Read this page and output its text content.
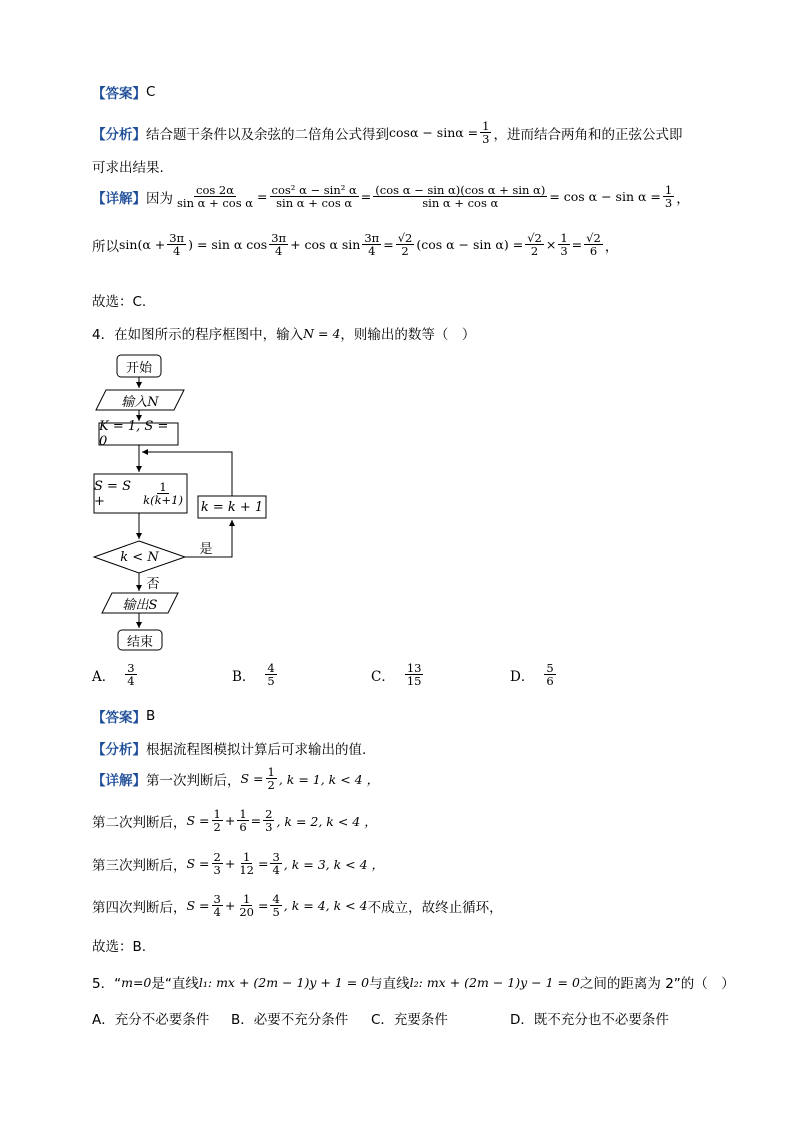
【答案】 C
【分析】 结合题干条件以及余弦的二倍角公式得到 $\cos\alpha - \sin\alpha = \frac{1}{3}$ ，进而结合两角和的正弦公式即
可求出结果.
【详解】 因为 $\frac{\cos 2\alpha}{\text{sin α + cos α}} = \frac{\text{cos² α − sin² α}}{\text{sin α + cos α}} = \frac{\text{(cos α − sin α)(cos α + sin α)}}{\text{sin α + cos α}} = \cos \alpha - \sin \alpha = \frac{1}{3}$ ，
所以 $\sin(\alpha + \frac{3\pi}{4}$ ) = sin α $\cos \frac{3\pi}{4} + \cos \alpha$ $\sin \frac{3\pi}{4} = \frac{√2}{2} (\cos$ $\alpha - \sin \alpha) = \frac{√2}{2} \times \frac{1}{3} = \frac{√2}{6}$ ，
故选：C.
4．在如图所示的程序框图中，输入 N = 4 ，则输出的数等（　）
开始
输入N
K = 1, S = 0
S = S +	$\frac{1}{k(k+1)}$
k < N
是
否
k = k + 1
输出S
结束
A． $\frac{3}{4}$	B． $\frac{4}{5}$	C． $\frac{13}{15}$	D． $\frac{5}{6}$
【答案】 B
【分析】 根据流程图模拟计算后可求输出的值.
【详解】 第一次判断后， $S = \frac{1}{2}$ , k = 1, k < 4 ，
第二次判断后， $S = \frac{1}{2} + \frac{1}{6} = \frac{2}{3}$ , k = 2, k < 4 ，
第三次判断后， $S = \frac{2}{3} + \frac{1}{12} = \frac{3}{4}$ , k = 3, k < 4 ，
第四次判断后， $S = \frac{3}{4} + \frac{1}{20} = \frac{4}{5}$ , k = 4, k < 4 不成立，故终止循环，
故选：B.
5．“ m=0 是“直线 l₁: mx + (2m − 1)y + 1 = 0 与直线 l₂: mx + (2m − 1)y − 1 = 0 之间的距离为 2”的（　）
A．充分不必要条件 B．必要不充分条件 C．充要条件	D．既不充分也不必要条件
